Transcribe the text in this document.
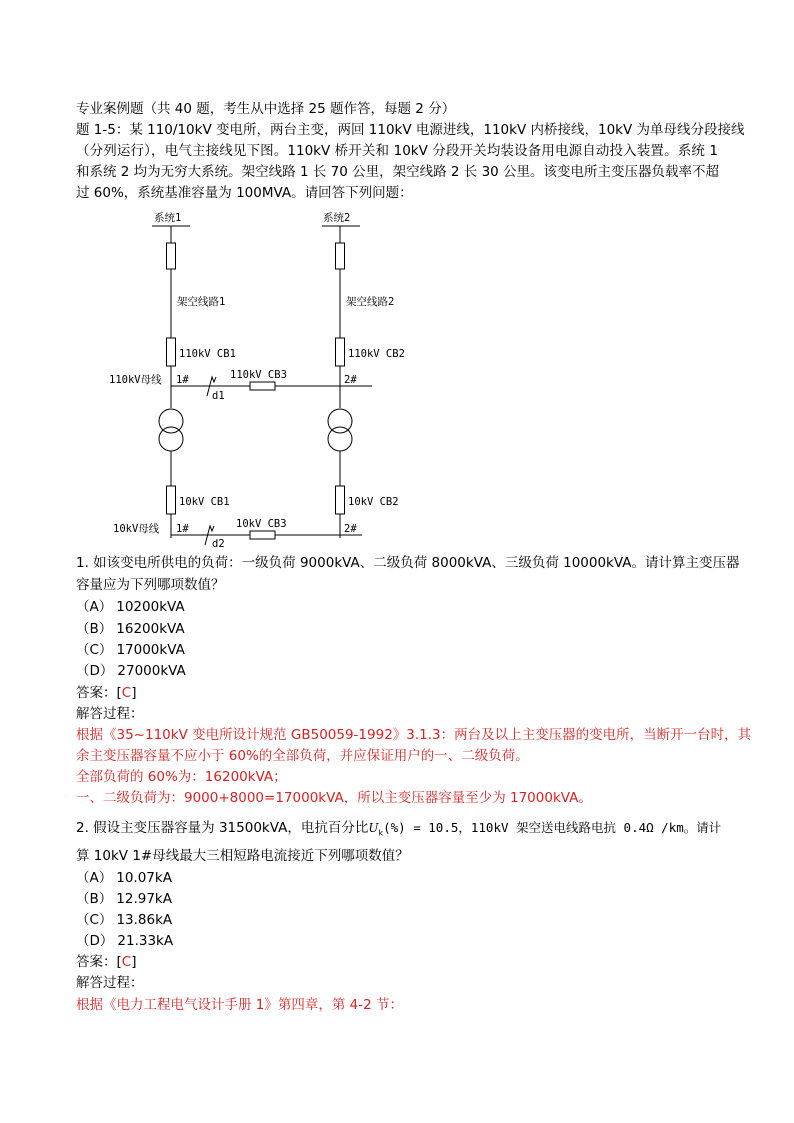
专业案例题（共 40 题，考生从中选择 25 题作答，每题 2 分）
题 1-5：某 110/10kV 变电所，两台主变，两回 110kV 电源进线，110kV 内桥接线，10kV 为单母线分段接线
（分列运行），电气主接线见下图。110kV 桥开关和 10kV 分段开关均装设备用电源自动投入装置。系统 1
和系统 2 均为无穷大系统。架空线路 1 长 70 公里，架空线路 2 长 30 公里。该变电所主变压器负载率不超
过 60%，系统基准容量为 100MVA。请回答下列问题：
系统1	系统2
架空线路1	架空线路2
110kV CB1	110kV CB2
110kV母线 1#	2#
110kV CB3
d1
10kV CB1	10kV CB2
10kV母线 1#	2#
10kV CB3
d2
1. 如该变电所供电的负荷：一级负荷 9000kVA、二级负荷 8000kVA、三级负荷 10000kVA。请计算主变压器
容量应为下列哪项数值？
（A） 10200kVA
（B） 16200kVA
（C） 17000kVA
（D） 27000kVA
答案：[C]
解答过程：
根据《35~110kV 变电所设计规范 GB50059-1992》3.1.3：两台及以上主变压器的变电所，当断开一台时，其
余主变压器容量不应小于 60%的全部负荷，并应保证用户的一、二级负荷。
全部负荷的 60%为：16200kVA；
一、二级负荷为：9000+8000=17000kVA，所以主变压器容量至少为 17000kVA。
2. 假设主变压器容量为 31500kVA，电抗百分比$U_k(\%) = 10.5$，110kV 架空送电线路电抗 0.4Ω /km。请计
算 10kV 1#母线最大三相短路电流接近下列哪项数值？
（A） 10.07kA
（B） 12.97kA
（C） 13.86kA
（D） 21.33kA
答案：[C]
解答过程：
根据《电力工程电气设计手册 1》第四章，第 4-2 节：
